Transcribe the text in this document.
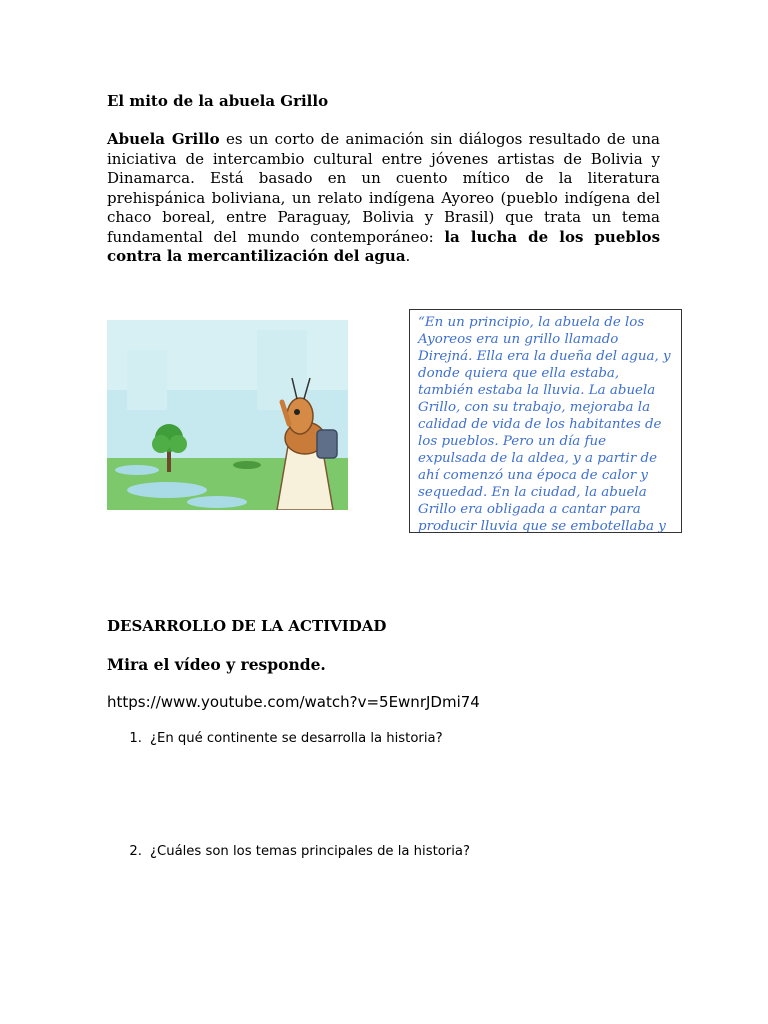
El mito de la abuela Grillo

Abuela Grillo es un corto de animación sin diálogos resultado de una iniciativa de intercambio cultural entre jóvenes artistas de Bolivia y Dinamarca. Está basado en un cuento mítico de la literatura prehispánica boliviana, un relato indígena Ayoreo (pueblo indígena del chaco boreal, entre Paraguay, Bolivia y Brasil) que trata un tema fundamental del mundo contemporáneo: la lucha de los pueblos contra la mercantilización del agua.

“En un principio, la abuela de los Ayoreos era un grillo llamado Direjná. Ella era la dueña del agua, y donde quiera que ella estaba, también estaba la lluvia. La abuela Grillo, con su trabajo, mejoraba la calidad de vida de los habitantes de los pueblos. Pero un día fue expulsada de la aldea, y a partir de ahí comenzó una época de calor y sequedad. En la ciudad, la abuela Grillo era obligada a cantar para producir lluvia que se embotellaba y

DESARROLLO DE LA ACTIVIDAD
Mira el vídeo y responde.
https://www.youtube.com/watch?v=5EwnrJDmi74
1. ¿En qué continente se desarrolla la historia?
2. ¿Cuáles son los temas principales de la historia?
